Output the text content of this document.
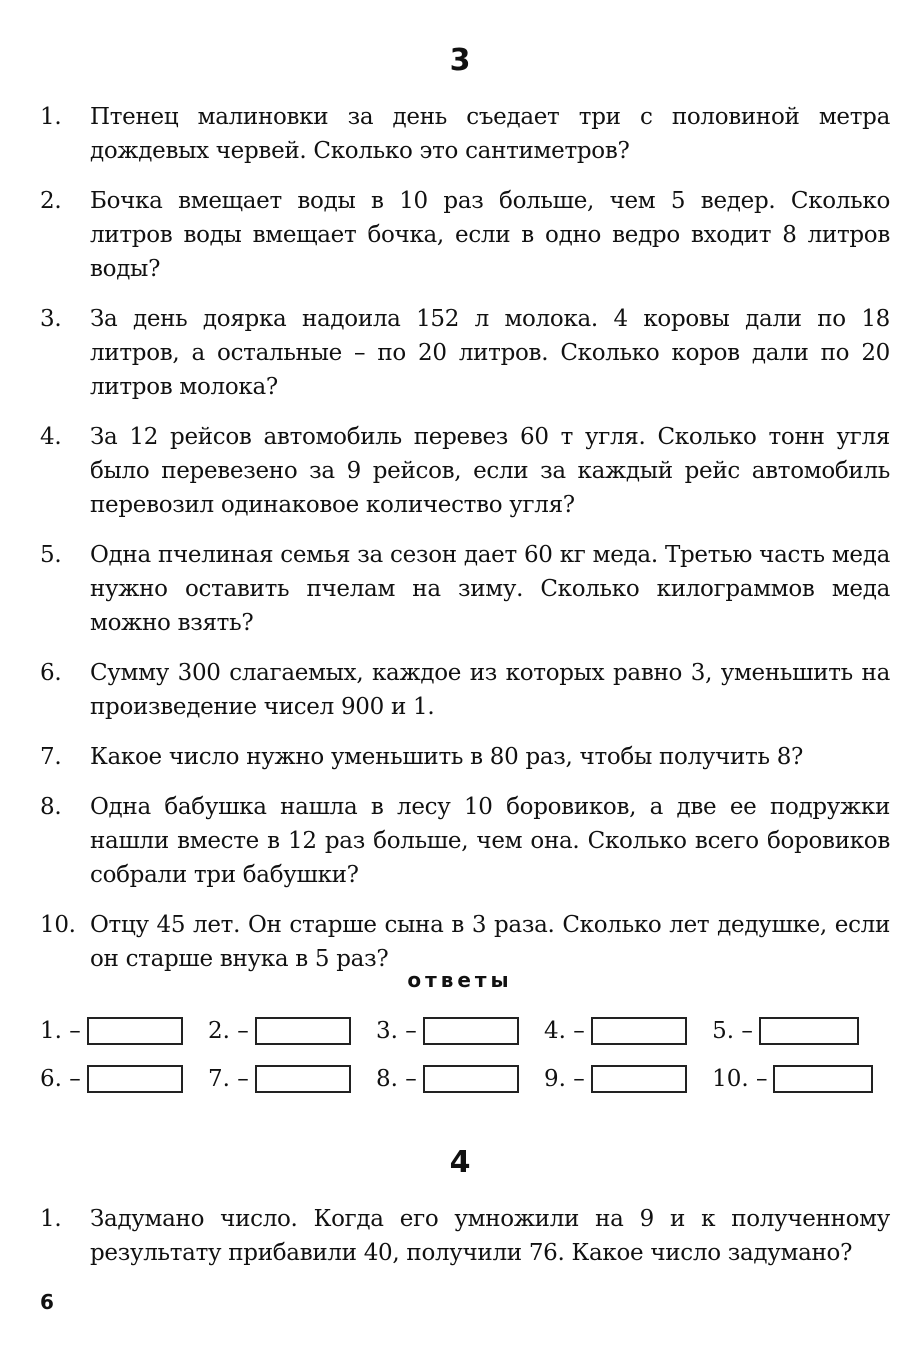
3
1.	Птенец малиновки за день съедает три с половиной метра дождевых червей. Сколько это сантиметров?
2.	Бочка вмещает воды в 10 раз больше, чем 5 ведер. Сколько литров воды вмещает бочка, если в одно ведро входит 8 литров воды?
3.	За день доярка надоила 152 л молока. 4 коровы дали по 18 литров, а остальные – по 20 литров. Сколько коров дали по 20 литров молока?
4.	За 12 рейсов автомобиль перевез 60 т угля. Сколько тонн угля было перевезено за 9 рейсов, если за каждый рейс автомобиль перевозил одинаковое количество угля?
5.	Одна пчелиная семья за сезон дает 60 кг меда. Третью часть меда нужно оставить пчелам на зиму. Сколько килограммов меда можно взять?
6.	Сумму 300 слагаемых, каждое из которых равно 3, уменьшить на произведение чисел 900 и 1.
7.	Какое число нужно уменьшить в 80 раз, чтобы получить 8?
8.	Одна бабушка нашла в лесу 10 боровиков, а две ее подружки нашли вместе в 12 раз больше, чем она. Сколько всего боровиков собрали три бабушки?
10. Отцу 45 лет. Он старше сына в 3 раза. Сколько лет дедушке, если он старше внука в 5 раз?
ответы
1. –	2. –	3. –	4. –	5. –
6. –	7. –	8. –	9. –	10. –
4
1.	Задумано число. Когда его умножили на 9 и к полученному результату прибавили 40, получили 76. Какое число задумано?
6
